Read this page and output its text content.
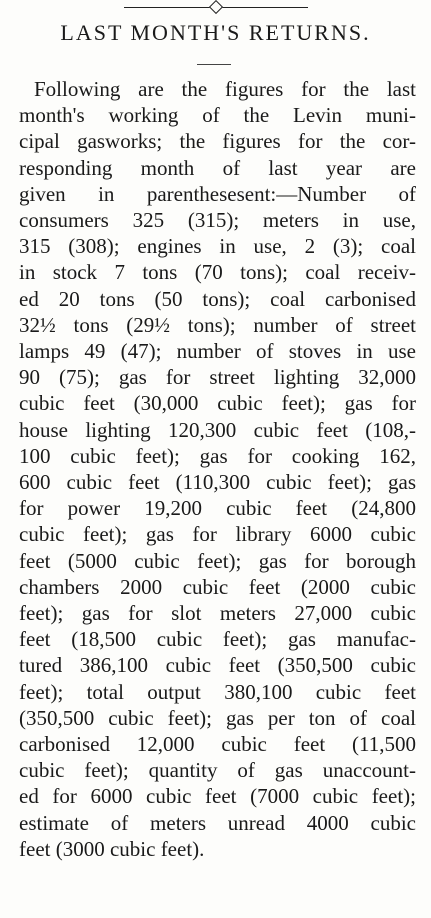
LAST MONTH'S RETURNS.
Following are the figures for the last
month's working of the Levin muni-
cipal gasworks; the figures for the cor-
responding month of last year are
given in parenthesesent:—Number of
consumers 325 (315); meters in use,
315 (308); engines in use, 2 (3); coal
in stock 7 tons (70 tons); coal receiv-
ed 20 tons (50 tons); coal carbonised
32½ tons (29½ tons); number of street
lamps 49 (47); number of stoves in use
90 (75); gas for street lighting 32,000
cubic feet (30,000 cubic feet); gas for
house lighting 120,300 cubic feet (108,-
100 cubic feet); gas for cooking 162,
600 cubic feet (110,300 cubic feet); gas
for power 19,200 cubic feet (24,800
cubic feet); gas for library 6000 cubic
feet (5000 cubic feet); gas for borough
chambers 2000 cubic feet (2000 cubic
feet); gas for slot meters 27,000 cubic
feet (18,500 cubic feet); gas manufac-
tured 386,100 cubic feet (350,500 cubic
feet); total output 380,100 cubic feet
(350,500 cubic feet); gas per ton of coal
carbonised 12,000 cubic feet (11,500
cubic feet); quantity of gas unaccount-
ed for 6000 cubic feet (7000 cubic feet);
estimate of meters unread 4000 cubic
feet (3000 cubic feet).
